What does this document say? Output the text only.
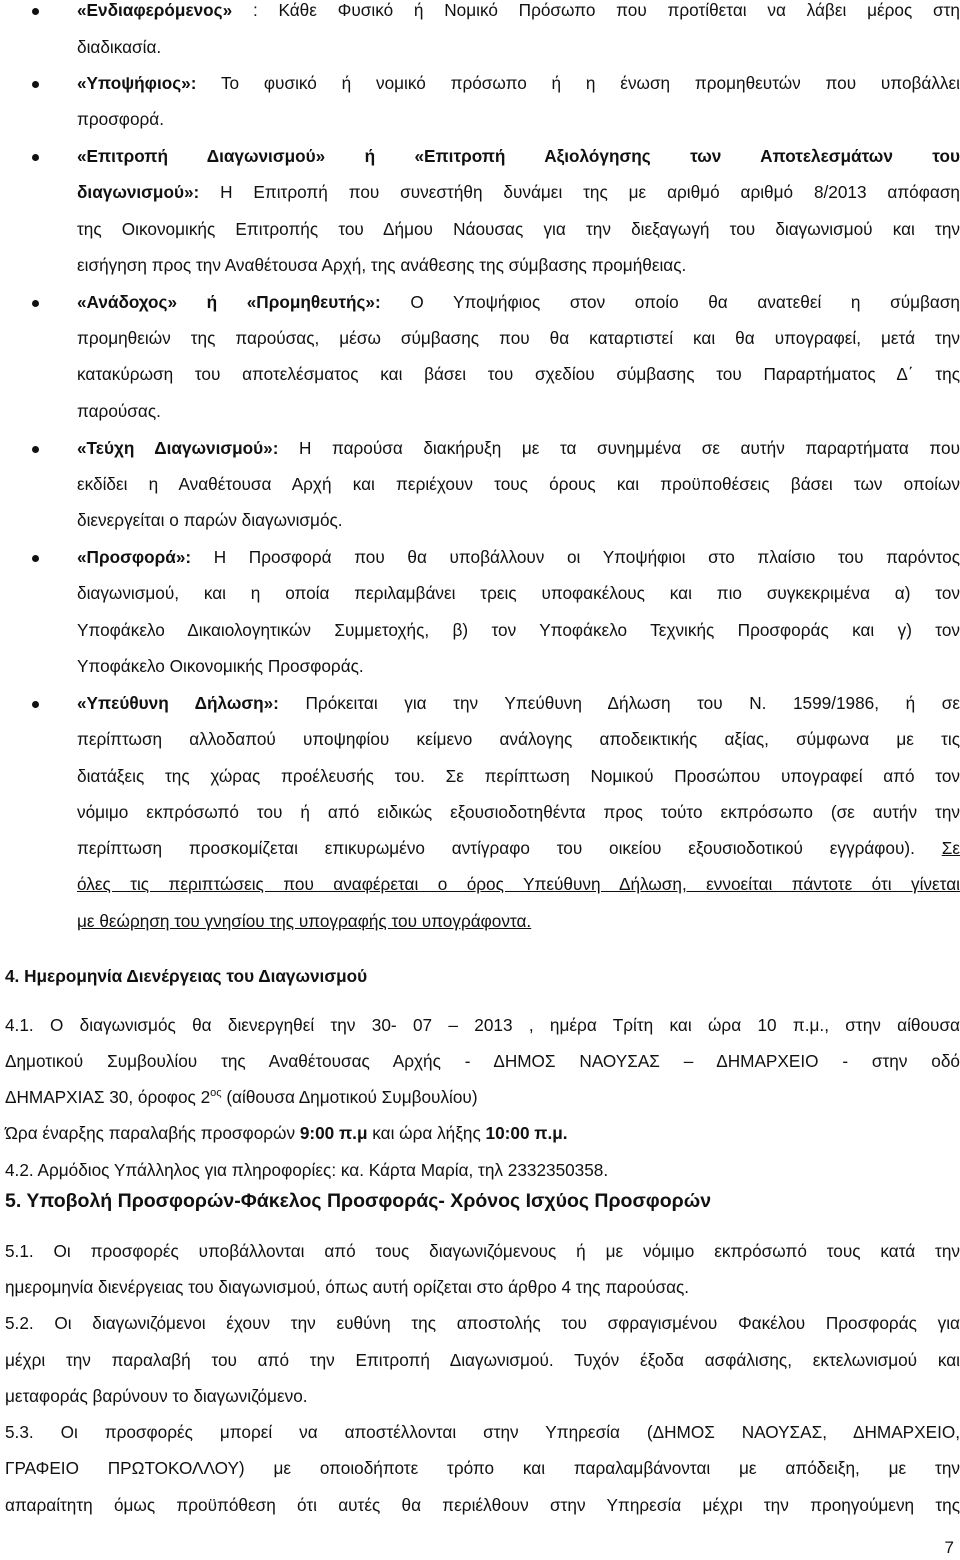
«Ενδιαφερόμενος» : Κάθε Φυσικό ή Νομικό Πρόσωπο που προτίθεται να λάβει μέρος στη
διαδικασία.
«Υποψήφιος»: Το φυσικό ή νομικό πρόσωπο ή η ένωση προμηθευτών που υποβάλλει
προσφορά.
«Επιτροπή Διαγωνισμού» ή «Επιτροπή Αξιολόγησης των Αποτελεσμάτων του
διαγωνισμού»: Η Επιτροπή που συνεστήθη δυνάμει της με αριθμό αριθμό 8/2013 απόφαση
της Οικονομικής Επιτροπής του Δήμου Νάουσας για την διεξαγωγή του διαγωνισμού και την
εισήγηση προς την Αναθέτουσα Αρχή, της ανάθεσης της σύμβασης προμήθειας.
«Ανάδοχος» ή «Προμηθευτής»: Ο Υποψήφιος στον οποίο θα ανατεθεί η σύμβαση
προμηθειών της παρούσας, μέσω σύμβασης που θα καταρτιστεί και θα υπογραφεί, μετά την
κατακύρωση του αποτελέσματος και βάσει του σχεδίου σύμβασης του Παραρτήματος Δ΄ της
παρούσας.
«Τεύχη Διαγωνισμού»: Η παρούσα διακήρυξη με τα συνημμένα σε αυτήν παραρτήματα που
εκδίδει η Αναθέτουσα Αρχή και περιέχουν τους όρους και προϋποθέσεις βάσει των οποίων
διενεργείται ο παρών διαγωνισμός.
«Προσφορά»: Η Προσφορά που θα υποβάλλουν οι Υποψήφιοι στο πλαίσιο του παρόντος
διαγωνισμού, και η οποία περιλαμβάνει τρεις υποφακέλους και πιο συγκεκριμένα α) τον
Υποφάκελο Δικαιολογητικών Συμμετοχής, β) τον Υποφάκελο Τεχνικής Προσφοράς και γ) τον
Υποφάκελο Οικονομικής Προσφοράς.
«Υπεύθυνη Δήλωση»: Πρόκειται για την Υπεύθυνη Δήλωση του Ν. 1599/1986, ή σε
περίπτωση αλλοδαπού υποψηφίου κείμενο ανάλογης αποδεικτικής αξίας, σύμφωνα με τις
διατάξεις της χώρας προέλευσής του. Σε περίπτωση Νομικού Προσώπου υπογραφεί από τον
νόμιμο εκπρόσωπό του ή από ειδικώς εξουσιοδοτηθέντα προς τούτο εκπρόσωπο (σε αυτήν την
περίπτωση προσκομίζεται επικυρωμένο αντίγραφο του οικείου εξουσιοδοτικού εγγράφου). Σε
όλες τις περιπτώσεις που αναφέρεται ο όρος Υπεύθυνη Δήλωση, εννοείται πάντοτε ότι γίνεται
με θεώρηση του γνησίου της υπογραφής του υπογράφοντα.
4. Ημερομηνία Διενέργειας του Διαγωνισμού
4.1. Ο διαγωνισμός θα διενεργηθεί την 30- 07 – 2013 , ημέρα Τρίτη και ώρα 10 π.μ., στην αίθουσα
Δημοτικού Συμβουλίου της Αναθέτουσας Αρχής - ΔΗΜΟΣ ΝΑΟΥΣΑΣ – ΔΗΜΑΡΧΕΙΟ - στην οδό
ΔΗΜΑΡΧΙΑΣ 30, όροφος $2^{o\varsigma}$ (αίθουσα Δημοτικού Συμβουλίου)
Ώρα έναρξης παραλαβής προσφορών 9:00 π.μ και ώρα λήξης 10:00 π.μ.
4.2. Αρμόδιος Υπάλληλος για πληροφορίες: κα. Κάρτα Μαρία, τηλ 2332350358.
5. Υποβολή Προσφορών-Φάκελος Προσφοράς- Χρόνος Ισχύος Προσφορών
5.1. Οι προσφορές υποβάλλονται από τους διαγωνιζόμενους ή με νόμιμο εκπρόσωπό τους κατά την
ημερομηνία διενέργειας του διαγωνισμού, όπως αυτή ορίζεται στο άρθρο 4 της παρούσας.
5.2. Οι διαγωνιζόμενοι έχουν την ευθύνη της αποστολής του σφραγισμένου Φακέλου Προσφοράς για
μέχρι την παραλαβή του από την Επιτροπή Διαγωνισμού. Τυχόν έξοδα ασφάλισης, εκτελωνισμού και
μεταφοράς βαρύνουν το διαγωνιζόμενο.
5.3. Οι προσφορές μπορεί να αποστέλλονται στην Υπηρεσία (ΔΗΜΟΣ ΝΑΟΥΣΑΣ, ΔΗΜΑΡΧΕΙΟ,
ΓΡΑΦΕΙΟ ΠΡΩΤΟΚΟΛΛΟΥ) με οποιοδήποτε τρόπο και παραλαμβάνονται με απόδειξη, με την
απαραίτητη όμως προϋπόθεση ότι αυτές θα περιέλθουν στην Υπηρεσία μέχρι την προηγούμενη της
7
